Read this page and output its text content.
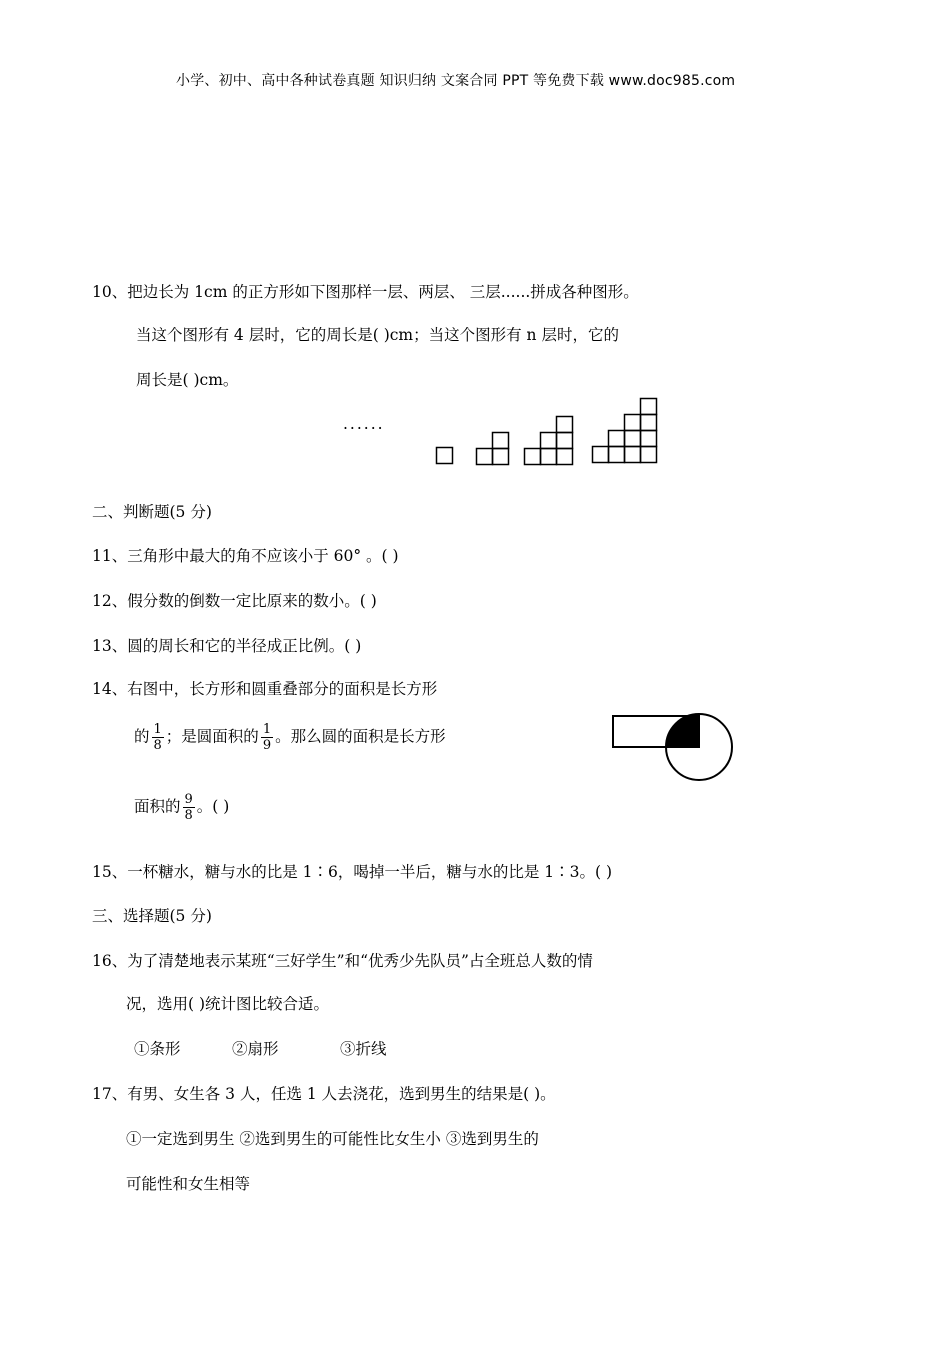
小学、初中、高中各种试卷真题 知识归纳 文案合同 PPT 等免费下载 www.doc985.com
10、把边长为 1cm 的正方形如下图那样一层、两层、 三层......拼成各种图形。
当这个图形有 4 层时，它的周长是( )cm；当这个图形有 n 层时，它的
周长是( )cm。
......
二、判断题(5 分)
11、三角形中最大的角不应该小于 60° 。( )
12、假分数的倒数一定比原来的数小。( )
13、圆的周长和它的半径成正比例。( )
14、右图中，长方形和圆重叠部分的面积是长方形
的 $\frac{1}{8}$ ；是圆面积的 $\frac{1}{9}$ 。那么圆的面积是长方形
面积的 $\frac{9}{8}$ 。( )
15、一杯糖水，糖与水的比是 1∶6，喝掉一半后，糖与水的比是 1∶3。( )
三、选择题(5 分)
16、为了清楚地表示某班“三好学生”和“优秀少先队员”占全班总人数的情
况，选用( )统计图比较合适。
①条形	②扇形	③折线
17、有男、女生各 3 人，任选 1 人去浇花，选到男生的结果是( )。
①一定选到男生 ②选到男生的可能性比女生小 ③选到男生的
可能性和女生相等
